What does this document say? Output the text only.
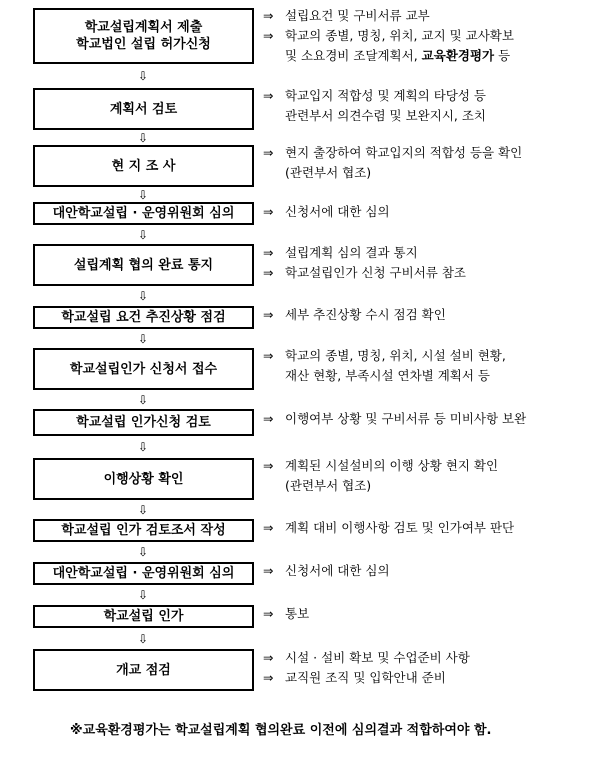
학교설립계획서 제출
학교법인 설립 허가신청
⇩
계획서 검토
⇩
현 지 조 사
⇩
대안학교설립 · 운영위원회 심의
⇩
설립계획 협의 완료 통지
⇩
학교설립 요건 추진상황 점검
⇩
학교설립인가 신청서 접수
⇩
학교설립 인가신청 검토
⇩
이행상황 확인
⇩
학교설립 인가 검토조서 작성
⇩
대안학교설립 · 운영위원회 심의
⇩
학교설립 인가
⇩
개교 점검
⇒ 설립요건 및 구비서류 교부
⇒ 학교의 종별, 명칭, 위치, 교지 및 교사확보
및 소요경비 조달계획서, 교육환경평가 등
⇒ 학교입지 적합성 및 계획의 타당성 등
관련부서 의견수렴 및 보완지시, 조치
⇒ 현지 출장하여 학교입지의 적합성 등을 확인
(관련부서 협조)
⇒ 신청서에 대한 심의
⇒ 설립계획 심의 결과 통지
⇒ 학교설립인가 신청 구비서류 참조
⇒ 세부 추진상황 수시 점검 확인
⇒ 학교의 종별, 명칭, 위치, 시설 설비 현황,
재산 현황, 부족시설 연차별 계획서 등
⇒ 이행여부 상황 및 구비서류 등 미비사항 보완
⇒ 계획된 시설설비의 이행 상황 현지 확인
(관련부서 협조)
⇒ 계획 대비 이행사항 검토 및 인가여부 판단
⇒ 신청서에 대한 심의
⇒ 통보
⇒ 시설 · 설비 확보 및 수업준비 사항
⇒ 교직원 조직 및 입학안내 준비
※교육환경평가는 학교설립계획 협의완료 이전에 심의결과 적합하여야 함.
